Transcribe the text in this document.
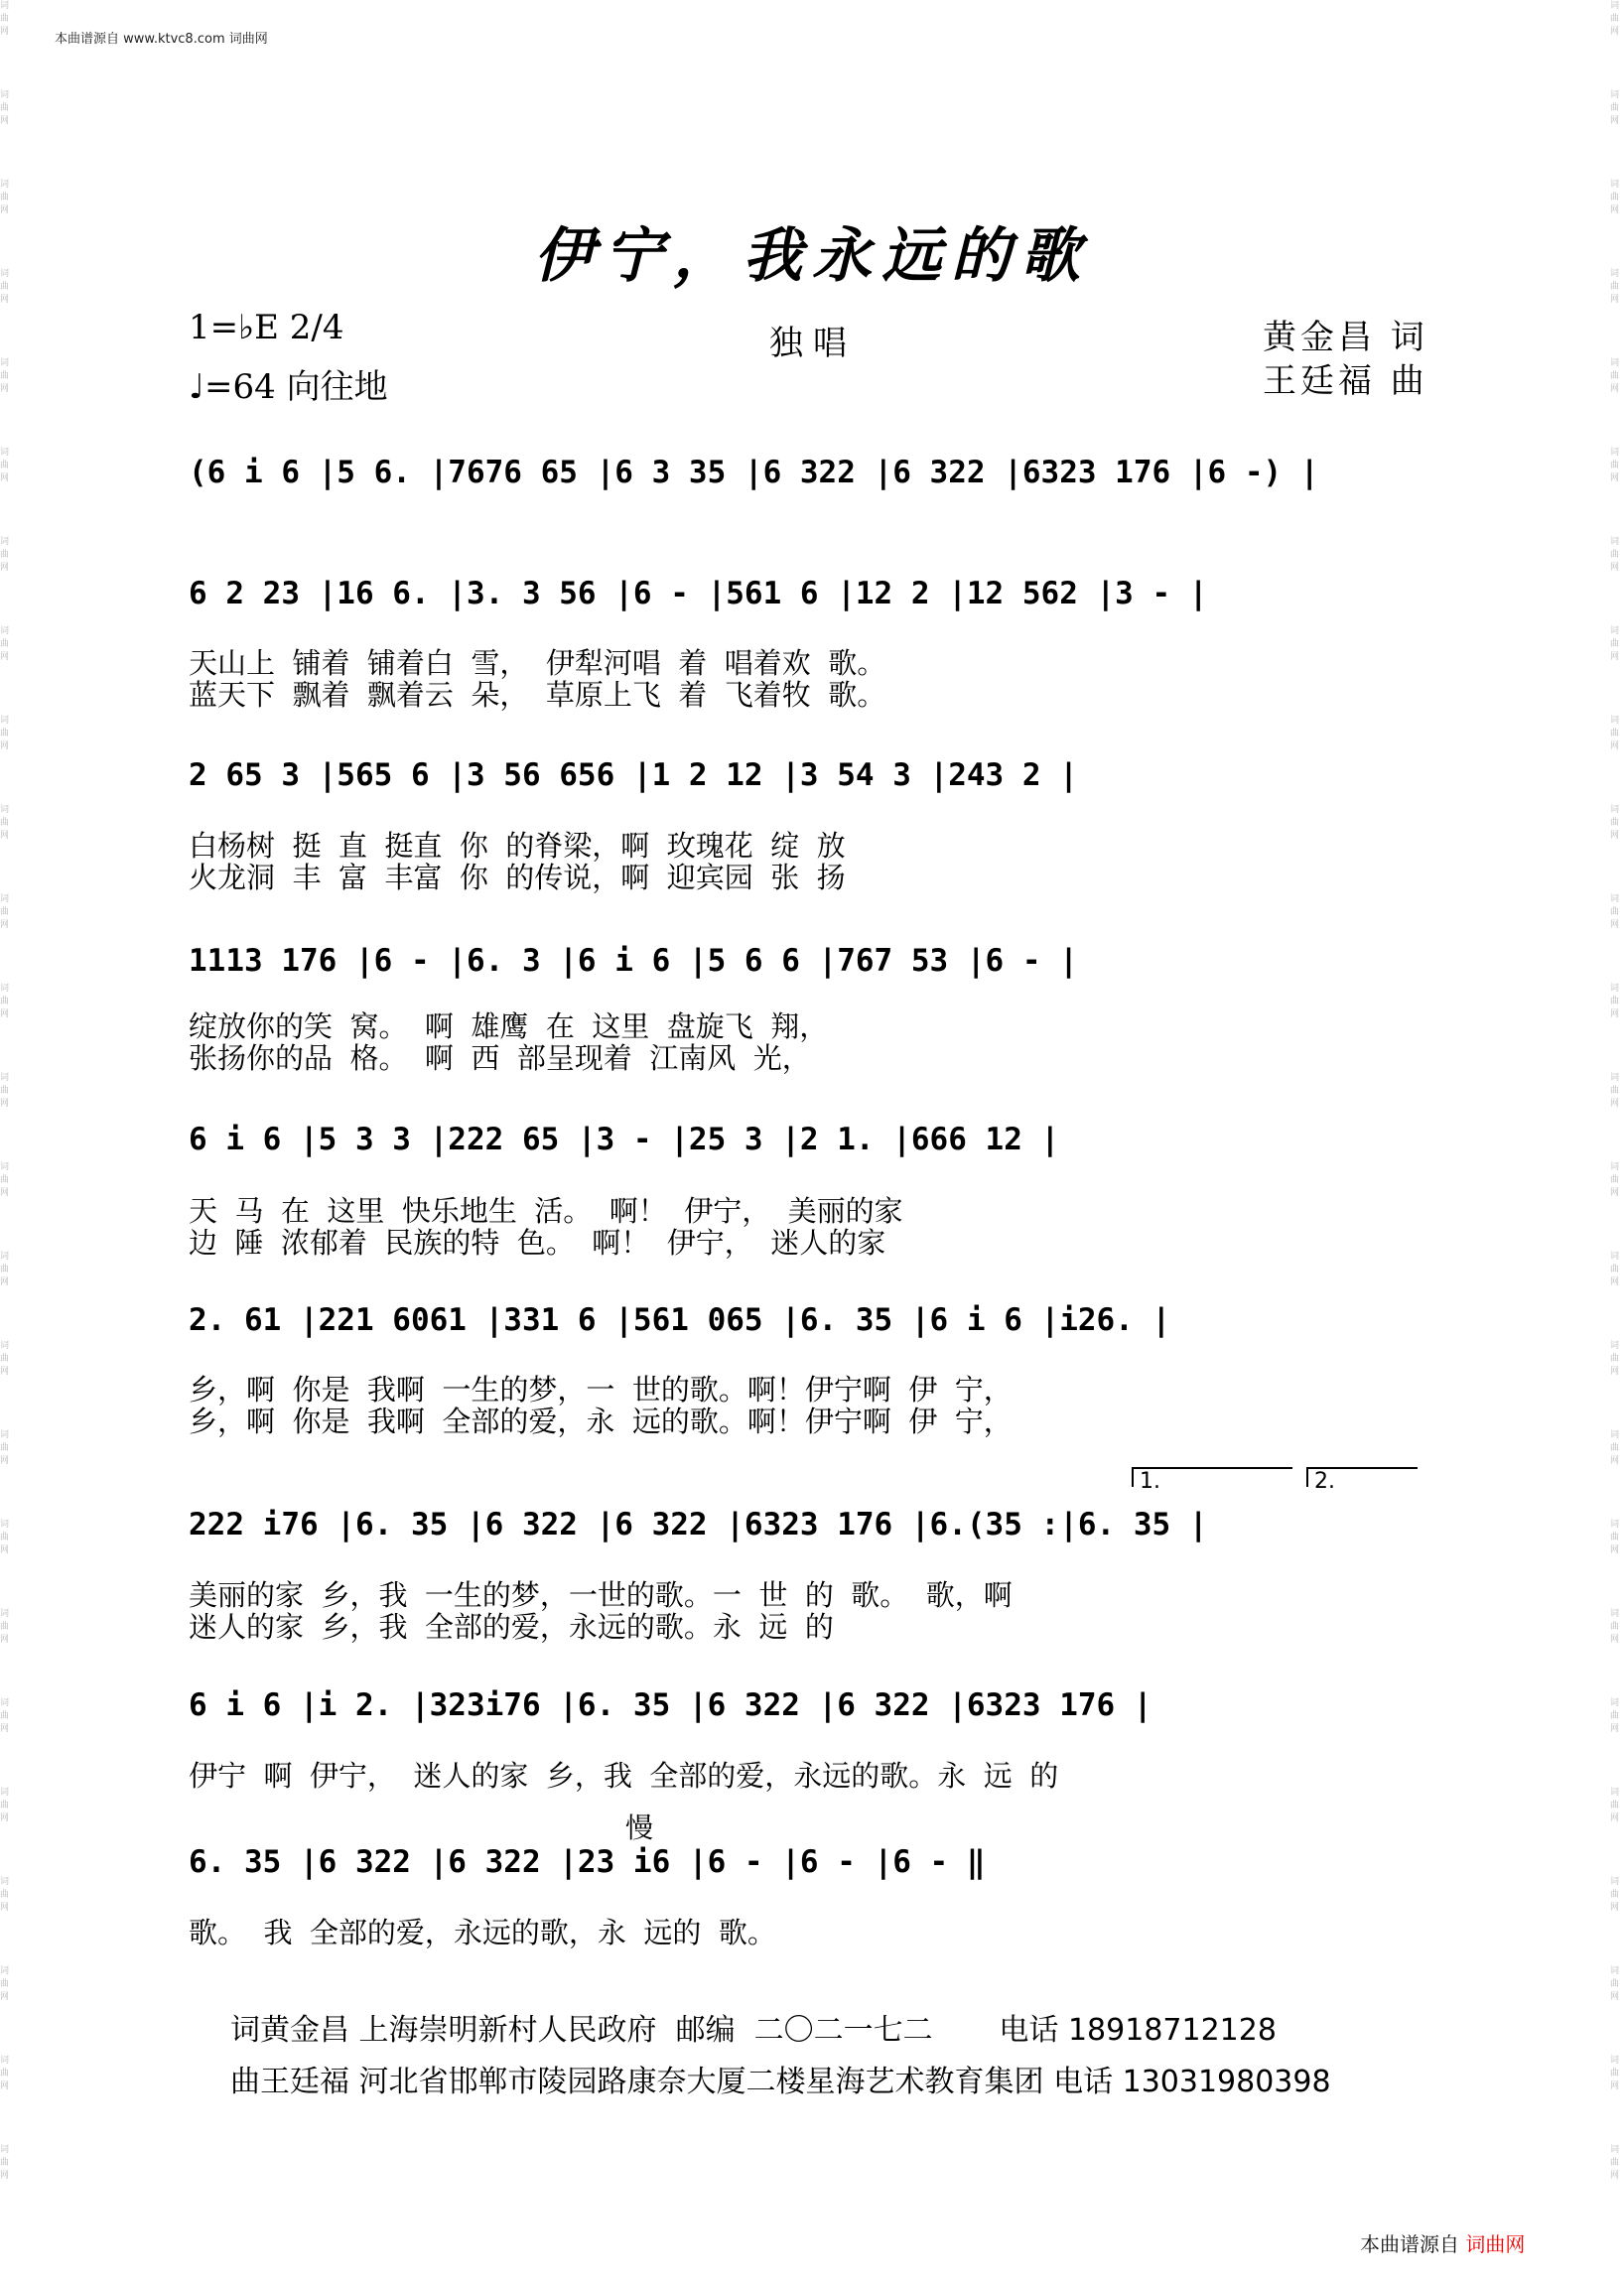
词曲网
词曲网
词曲网
词曲网
词曲网
词曲网
词曲网
词曲网
词曲网
词曲网
词曲网
词曲网
词曲网
词曲网
词曲网
词曲网
词曲网
词曲网
词曲网
词曲网
词曲网
词曲网
词曲网
词曲网
词曲网
词曲网
词曲网
词曲网
词曲网
词曲网
词曲网
词曲网
词曲网
词曲网
词曲网
词曲网
词曲网
词曲网
词曲网
词曲网
词曲网
词曲网
词曲网
词曲网
词曲网
词曲网
词曲网
词曲网
词曲网
词曲网
本曲谱源自 www.ktvc8.com 词曲网
伊宁，我永远的歌
1=♭E 2/4
♩=64 向往地
独唱	黄金昌 词
王廷福 曲
(6 i 6 |5 6. |7676 65 |6 3 35 |6 322 |6 322 |6323 176 |6 -) |
6 2 23 |16 6. |3. 3 56 |6 - |561 6 |12 2 |12 562 |3 - |
天山上 铺着 铺着白 雪， 伊犁河唱 着 唱着欢 歌。
蓝天下 飘着 飘着云 朵， 草原上飞 着 飞着牧 歌。
2 65 3 |565 6 |3 56 656 |1 2 12 |3 54 3 |243 2 |
白杨树 挺 直 挺直 你 的脊梁，啊 玫瑰花 绽 放
火龙洞 丰 富 丰富 你 的传说，啊 迎宾园 张 扬
1113 176 |6 - |6. 3 |6 i 6 |5 6 6 |767 53 |6 - |
绽放你的笑 窝。 啊 雄鹰 在 这里 盘旋飞 翔，
张扬你的品 格。 啊 西 部呈现着 江南风 光，
6 i 6 |5 3 3 |222 65 |3 - |25 3 |2 1. |666 12 |
天 马 在 这里 快乐地生 活。 啊！ 伊宁， 美丽的家
边 陲 浓郁着 民族的特 色。 啊！ 伊宁， 迷人的家
2. 61 |221 6061 |331 6 |561 065 |6. 35 |6 i 6 |i26. |
乡，啊 你是 我啊 一生的梦，一 世的歌。啊！伊宁啊 伊 宁，
乡，啊 你是 我啊 全部的爱，永 远的歌。啊！伊宁啊 伊 宁，
1.	2.
222 i76 |6. 35 |6 322 |6 322 |6323 176 |6.(35 :|6. 35 |
美丽的家 乡，我 一生的梦，一世的歌。一 世 的 歌。 歌，啊
迷人的家 乡，我 全部的爱，永远的歌。永 远 的
6 i 6 |i 2. |323i76 |6. 35 |6 322 |6 322 |6323 176 |
伊宁 啊 伊宁， 迷人的家 乡，我 全部的爱，永远的歌。永 远 的
慢
6. 35 |6 322 |6 322 |23 i6 |6 - |6 - |6 - ‖
歌。 我 全部的爱，永远的歌，永 远的 歌。
词黄金昌 上海崇明新村人民政府  邮编  二〇二一七二       电话 18918712128
曲王廷福 河北省邯郸市陵园路康奈大厦二楼星海艺术教育集团 电话 13031980398
本曲谱源自 词曲网
